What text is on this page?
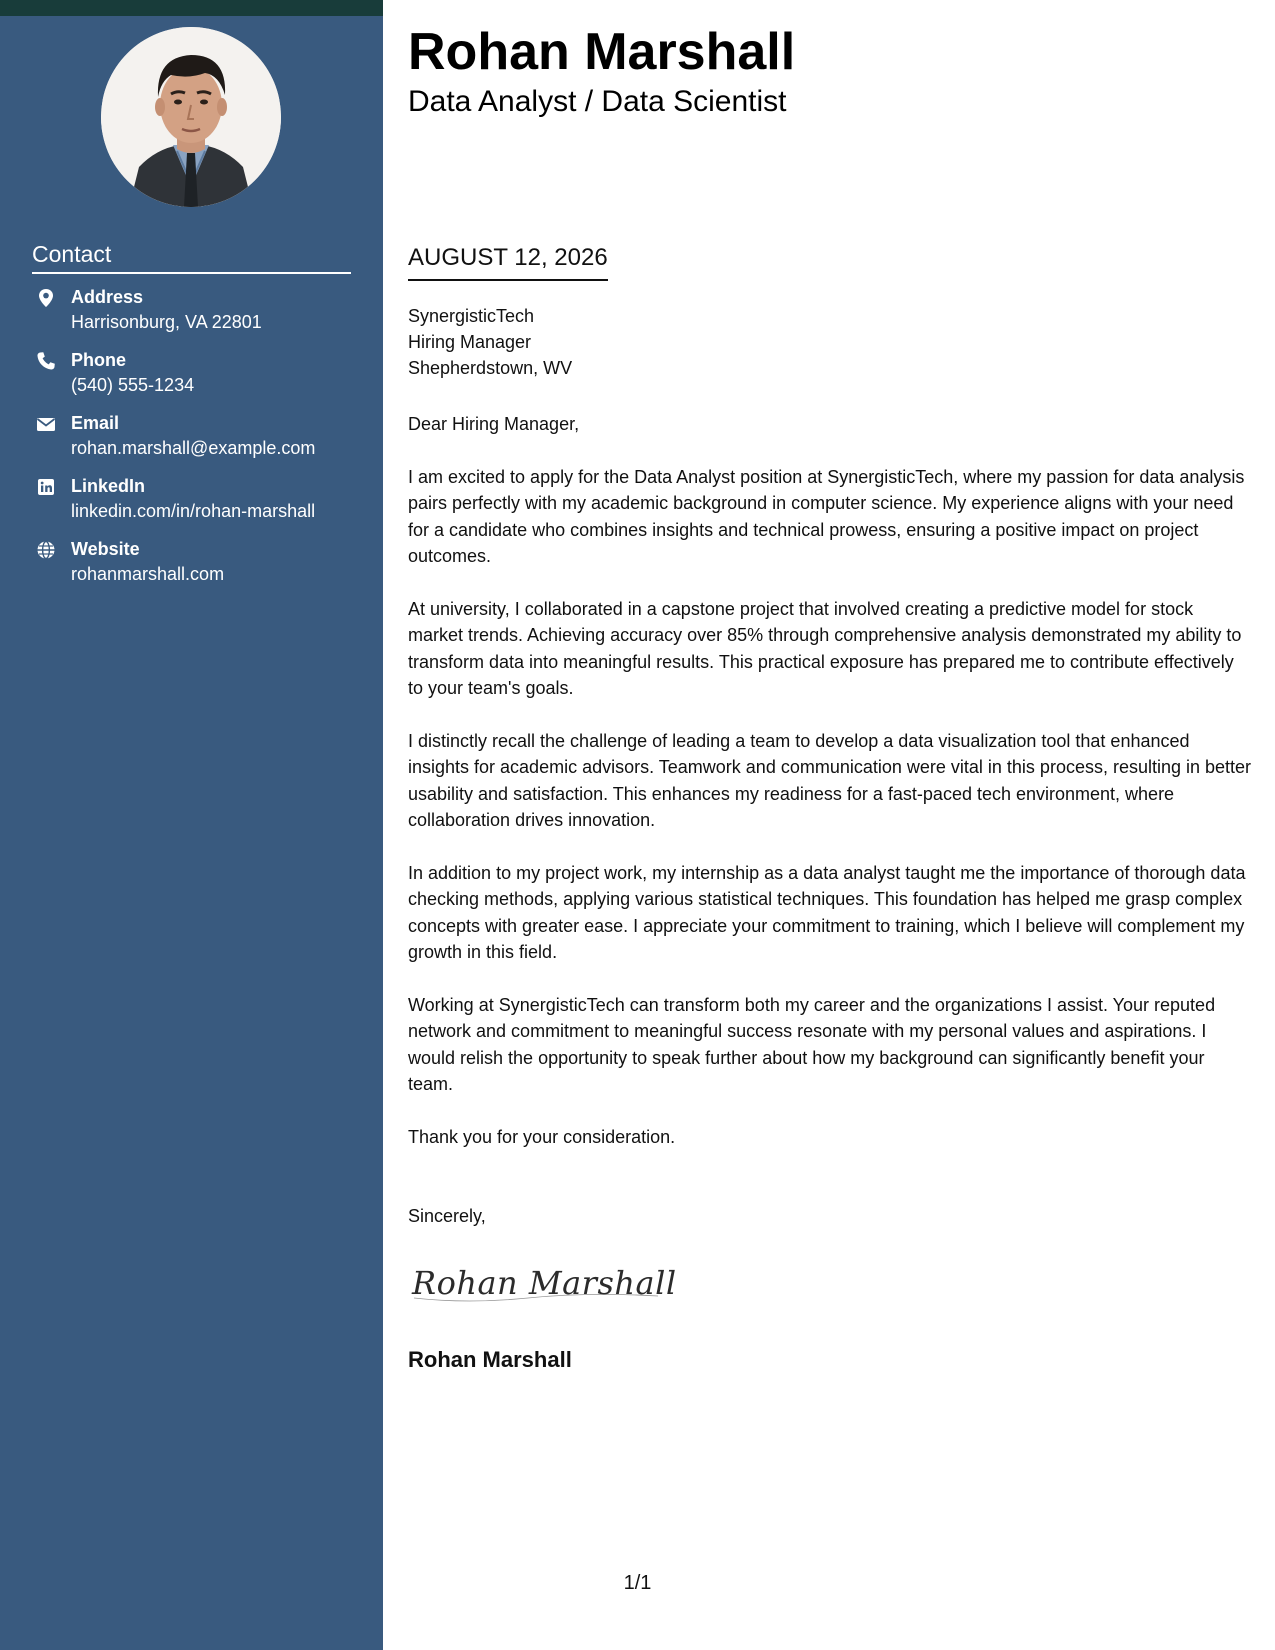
Contact
Address
Harrisonburg, VA 22801
Phone
(540) 555-1234
Email
rohan.marshall@example.com
LinkedIn
linkedin.com/in/rohan-marshall
Website
rohanmarshall.com
Rohan Marshall
Data Analyst / Data Scientist
AUGUST 12, 2026
SynergisticTech
Hiring Manager
Shepherdstown, WV
Dear Hiring Manager,

I am excited to apply for the Data Analyst position at SynergisticTech, where my passion for data analysis pairs perfectly with my academic background in computer science. My experience aligns with your need for a candidate who combines insights and technical prowess, ensuring a positive impact on project outcomes.

At university, I collaborated in a capstone project that involved creating a predictive model for stock market trends. Achieving accuracy over 85% through comprehensive analysis demonstrated my ability to transform data into meaningful results. This practical exposure has prepared me to contribute effectively to your team's goals.

I distinctly recall the challenge of leading a team to develop a data visualization tool that enhanced insights for academic advisors. Teamwork and communication were vital in this process, resulting in better usability and satisfaction. This enhances my readiness for a fast-paced tech environment, where collaboration drives innovation.

In addition to my project work, my internship as a data analyst taught me the importance of thorough data checking methods, applying various statistical techniques. This foundation has helped me grasp complex concepts with greater ease. I appreciate your commitment to training, which I believe will complement my growth in this field.

Working at SynergisticTech can transform both my career and the organizations I assist. Your reputed network and commitment to meaningful success resonate with my personal values and aspirations. I would relish the opportunity to speak further about how my background can significantly benefit your team.

Thank you for your consideration.

Sincerely,
Rohan Marshall
Rohan Marshall
1/1
